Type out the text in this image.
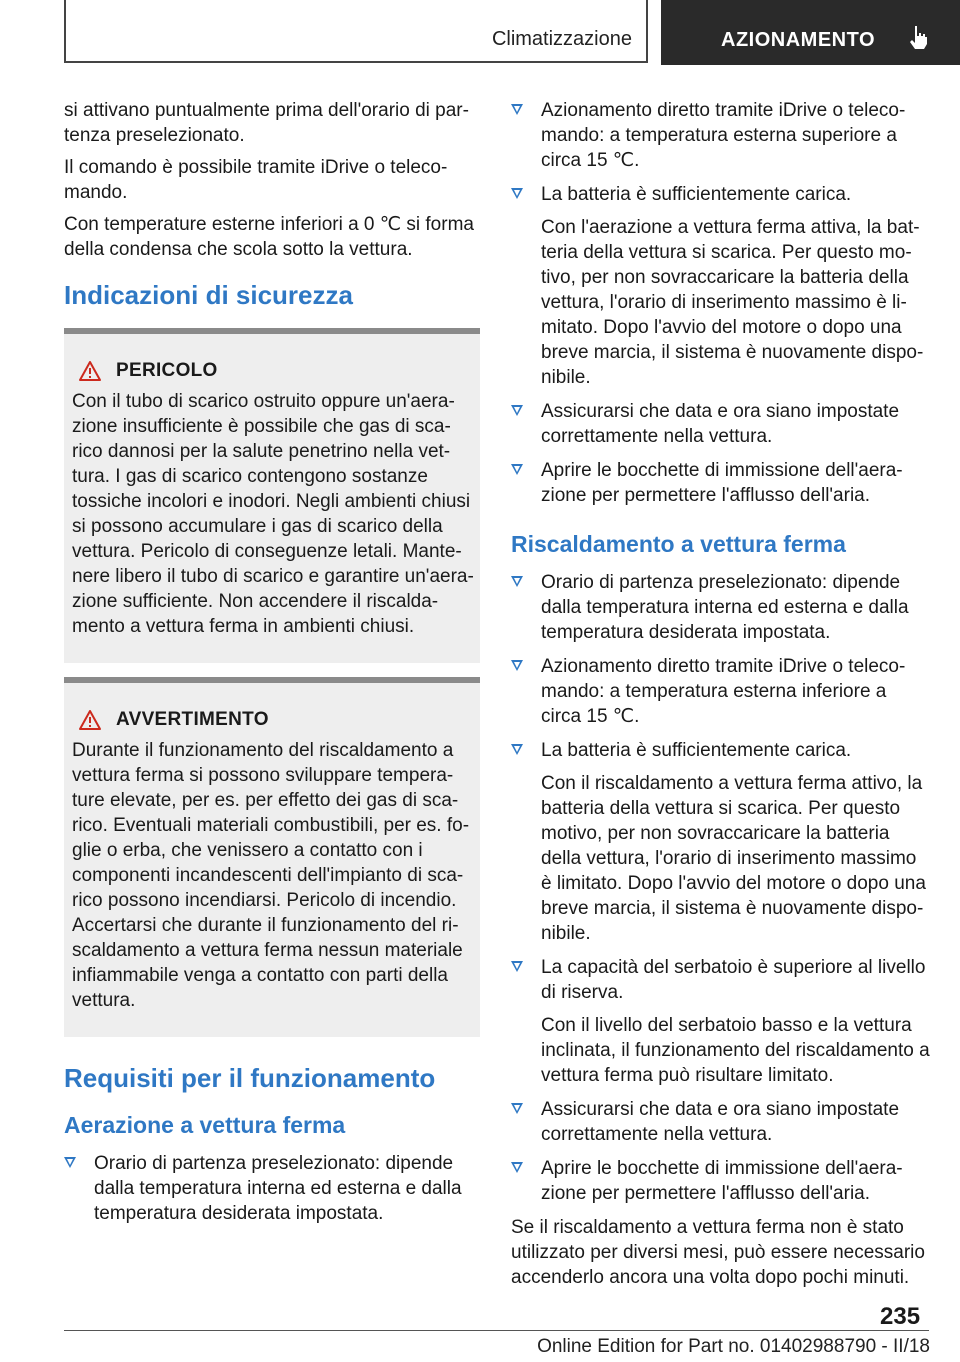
Climatizzazione	AZIONAMENTO

si attivano puntualmente prima dell'orario di par-tenza preselezionato.

Il comando è possibile tramite iDrive o teleco-mando.

Con temperature esterne inferiori a 0 ℃ si forma della condensa che scola sotto la vettura.

Indicazioni di sicurezza
PERICOLO
Con il tubo di scarico ostruito oppure un'aera-zione insufficiente è possibile che gas di sca-rico dannosi per la salute penetrino nella vet-tura. I gas di scarico contengono sostanze tossiche incolori e inodori. Negli ambienti chiusi si possono accumulare i gas di scarico della vettura. Pericolo di conseguenze letali. Mante-nere libero il tubo di scarico e garantire un'aera-zione sufficiente. Non accendere il riscalda-mento a vettura ferma in ambienti chiusi.
AVVERTIMENTO
Durante il funzionamento del riscaldamento a vettura ferma si possono sviluppare tempera-ture elevate, per es. per effetto dei gas di sca-rico. Eventuali materiali combustibili, per es. fo-glie o erba, che venissero a contatto con i componenti incandescenti dell'impianto di sca-rico possono incendiarsi. Pericolo di incendio. Accertarsi che durante il funzionamento del ri-scaldamento a vettura ferma nessun materiale infiammabile venga a contatto con parti della vettura.
Requisiti per il funzionamento
Aerazione a vettura ferma
Orario di partenza preselezionato: dipende dalla temperatura interna ed esterna e dalla temperatura desiderata impostata.
Azionamento diretto tramite iDrive o teleco-mando: a temperatura esterna superiore a circa 15 ℃.
La batteria è sufficientemente carica.
Con l'aerazione a vettura ferma attiva, la bat-teria della vettura si scarica. Per questo mo-tivo, per non sovraccaricare la batteria della vettura, l'orario di inserimento massimo è li-mitato. Dopo l'avvio del motore o dopo una breve marcia, il sistema è nuovamente dispo-nibile.
Assicurarsi che data e ora siano impostate correttamente nella vettura.
Aprire le bocchette di immissione dell'aera-zione per permettere l'afflusso dell'aria.
Riscaldamento a vettura ferma
Orario di partenza preselezionato: dipende dalla temperatura interna ed esterna e dalla temperatura desiderata impostata.
Azionamento diretto tramite iDrive o teleco-mando: a temperatura esterna inferiore a circa 15 ℃.
La batteria è sufficientemente carica.
Con il riscaldamento a vettura ferma attivo, la batteria della vettura si scarica. Per questo motivo, per non sovraccaricare la batteria della vettura, l'orario di inserimento massimo è limitato. Dopo l'avvio del motore o dopo una breve marcia, il sistema è nuovamente dispo-nibile.
La capacità del serbatoio è superiore al livello di riserva.
Con il livello del serbatoio basso e la vettura inclinata, il funzionamento del riscaldamento a vettura ferma può risultare limitato.
Assicurarsi che data e ora siano impostate correttamente nella vettura.
Aprire le bocchette di immissione dell'aera-zione per permettere l'afflusso dell'aria.

Se il riscaldamento a vettura ferma non è stato utilizzato per diversi mesi, può essere necessario accenderlo ancora una volta dopo pochi minuti.

235
Online Edition for Part no. 01402988790 - II/18
